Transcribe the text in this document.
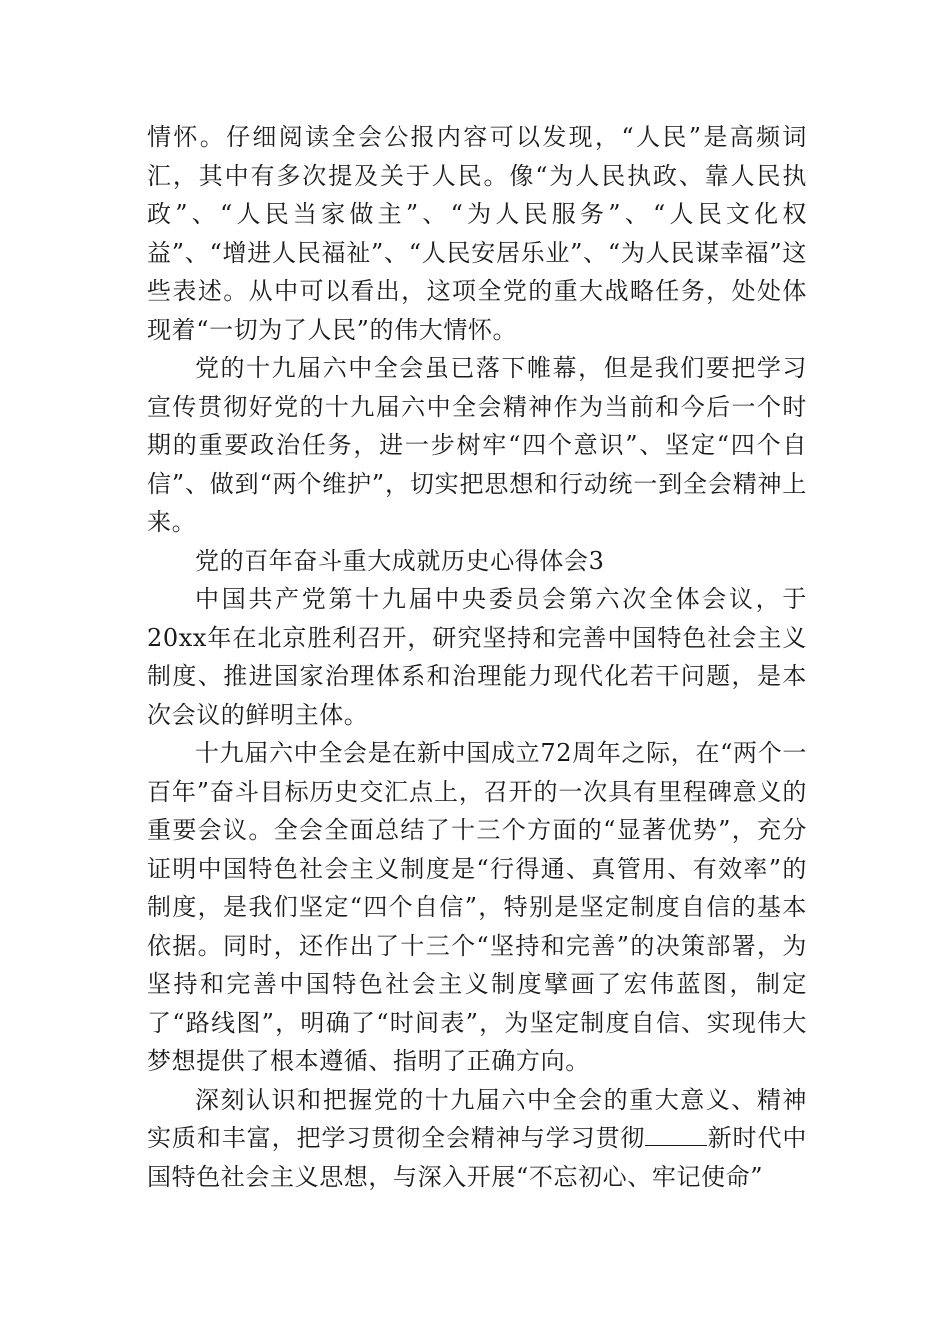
情怀。仔细阅读全会公报内容可以发现，“人民”是高频词汇，其中有多次提及关于人民。像“为人民执政、靠人民执政”、“人民当家做主”、“为人民服务”、“人民文化权益”、“增进人民福祉”、“人民安居乐业”、“为人民谋幸福”这些表述。从中可以看出，这项全党的重大战略任务，处处体现着“一切为了人民”的伟大情怀。

党的十九届六中全会虽已落下帷幕，但是我们要把学习宣传贯彻好党的十九届六中全会精神作为当前和今后一个时期的重要政治任务，进一步树牢“四个意识”、坚定“四个自信”、做到“两个维护”，切实把思想和行动统一到全会精神上来。

党的百年奋斗重大成就历史心得体会3

中国共产党第十九届中央委员会第六次全体会议，于20xx年在北京胜利召开，研究坚持和完善中国特色社会主义制度、推进国家治理体系和治理能力现代化若干问题，是本次会议的鲜明主体。

十九届六中全会是在新中国成立72周年之际，在“两个一百年”奋斗目标历史交汇点上，召开的一次具有里程碑意义的重要会议。全会全面总结了十三个方面的“显著优势”，充分证明中国特色社会主义制度是“行得通、真管用、有效率”的制度，是我们坚定“四个自信”，特别是坚定制度自信的基本依据。同时，还作出了十三个“坚持和完善”的决策部署，为坚持和完善中国特色社会主义制度擘画了宏伟蓝图，制定了“路线图”，明确了“时间表”，为坚定制度自信、实现伟大梦想提供了根本遵循、指明了正确方向。

深刻认识和把握党的十九届六中全会的重大意义、精神实质和丰富，把学习贯彻全会精神与学习贯彻	新时代中国特色社会主义思想，与深入开展“不忘初心、牢记使命”
